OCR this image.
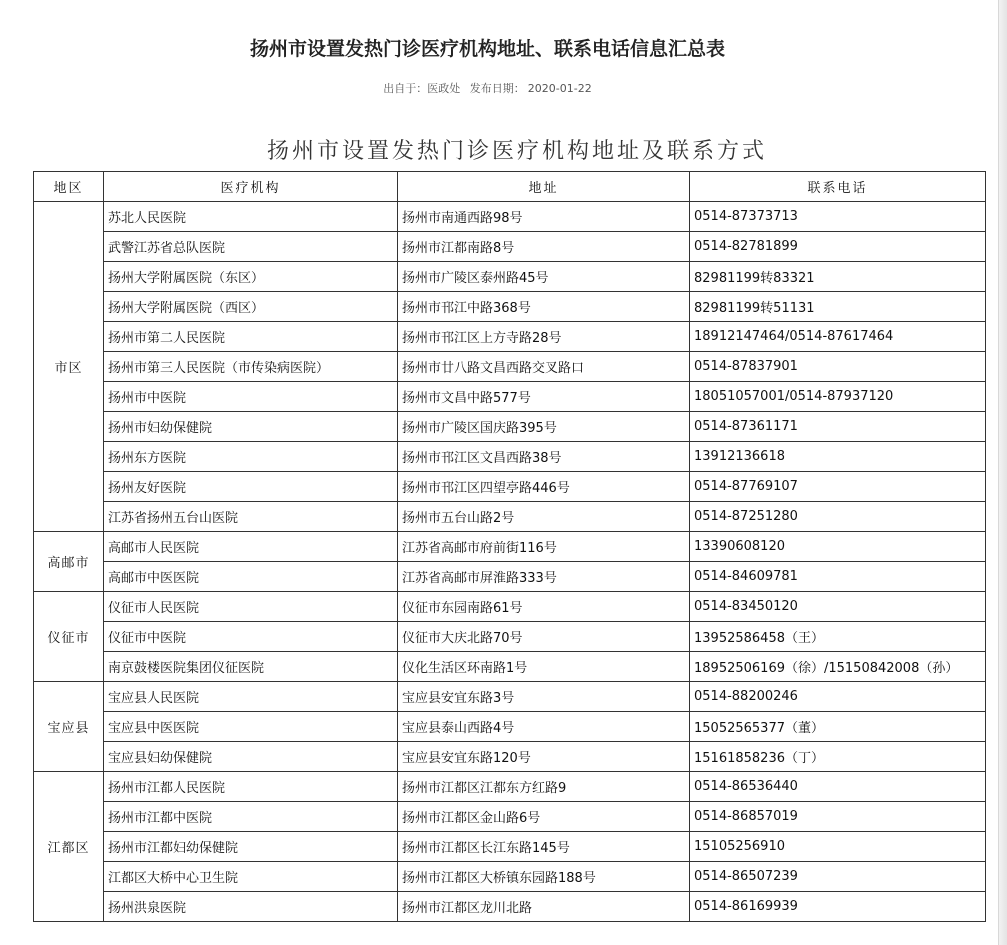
扬州市设置发热门诊医疗机构地址、联系电话信息汇总表
出自于：医政处 发布日期： 2020-01-22
扬州市设置发热门诊医疗机构地址及联系方式
地区	医疗机构	地址	联系电话
市区	苏北人民医院	扬州市南通西路98号	0514-87373713
	武警江苏省总队医院	扬州市江都南路8号	0514-82781899
	扬州大学附属医院（东区）	扬州市广陵区泰州路45号	82981199转83321
	扬州大学附属医院（西区）	扬州市邗江中路368号	82981199转51131
	扬州市第二人民医院	扬州市邗江区上方寺路28号	18912147464/0514-87617464
	扬州市第三人民医院（市传染病医院）	扬州市廿八路文昌西路交叉路口	0514-87837901
	扬州市中医院	扬州市文昌中路577号	18051057001/0514-87937120
	扬州市妇幼保健院	扬州市广陵区国庆路395号	0514-87361171
	扬州东方医院	扬州市邗江区文昌西路38号	13912136618
	扬州友好医院	扬州市邗江区四望亭路446号	0514-87769107
	江苏省扬州五台山医院	扬州市五台山路2号	0514-87251280
高邮市	高邮市人民医院	江苏省高邮市府前街116号	13390608120
	高邮市中医医院	江苏省高邮市屏淮路333号	0514-84609781
仪征市	仪征市人民医院	仪征市东园南路61号	0514-83450120
	仪征市中医院	仪征市大庆北路70号	13952586458（王）
	南京鼓楼医院集团仪征医院	仪化生活区环南路1号	18952506169（徐）/15150842008（孙）
宝应县	宝应县人民医院	宝应县安宜东路3号	0514-88200246
	宝应县中医医院	宝应县泰山西路4号	15052565377（董）
	宝应县妇幼保健院	宝应县安宜东路120号	15161858236（丁）
江都区	扬州市江都人民医院	扬州市江都区江都东方红路9	0514-86536440
	扬州市江都中医院	扬州市江都区金山路6号	0514-86857019
	扬州市江都妇幼保健院	扬州市江都区长江东路145号	15105256910
	江都区大桥中心卫生院	扬州市江都区大桥镇东园路188号	0514-86507239
	扬州洪泉医院	扬州市江都区龙川北路	0514-86169939
